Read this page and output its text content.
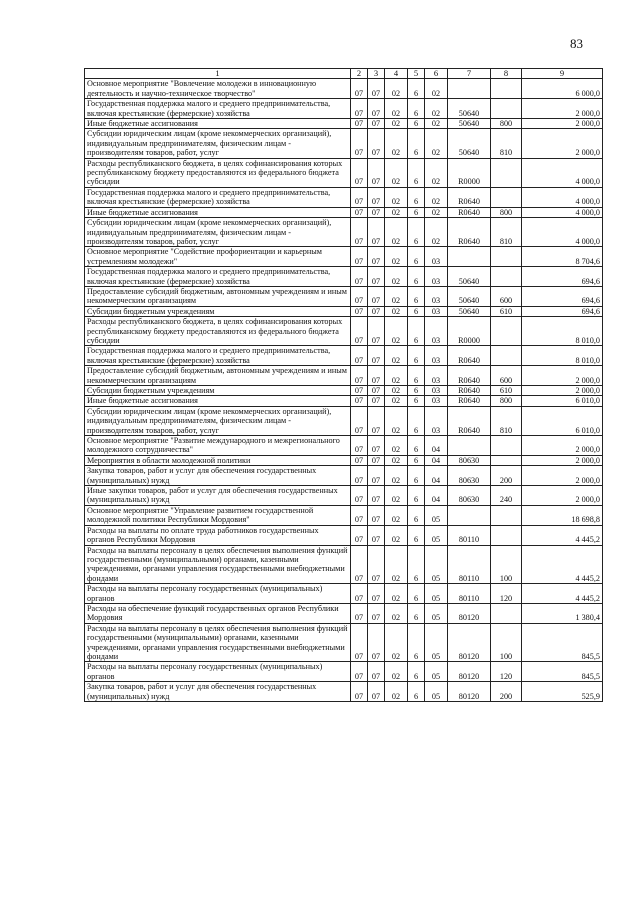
83
1	2	3	4	5	6	7	8	9
Основное мероприятие "Вовлечение молодежи в инновационную деятельность и научно-техническое творчество"	07	07	02	6	02			6 000,0
Государственная поддержка малого и среднего предпринимательства, включая крестьянские (фермерские) хозяйства	07	07	02	6	02	50640		2 000,0
Иные бюджетные ассигнования	07	07	02	6	02	50640	800	2 000,0
Субсидии юридическим лицам (кроме некоммерческих организаций), индивидуальным предпринимателям, физическим лицам - производителям товаров, работ, услуг	07	07	02	6	02	50640	810	2 000,0
Расходы республиканского бюджета, в целях софинансирования которых республиканскому бюджету предоставляются из федерального бюджета субсидии	07	07	02	6	02	R0000		4 000,0
Государственная поддержка малого и среднего предпринимательства, включая крестьянские (фермерские) хозяйства	07	07	02	6	02	R0640		4 000,0
Иные бюджетные ассигнования	07	07	02	6	02	R0640	800	4 000,0
Субсидии юридическим лицам (кроме некоммерческих организаций), индивидуальным предпринимателям, физическим лицам - производителям товаров, работ, услуг	07	07	02	6	02	R0640	810	4 000,0
Основное мероприятие "Содействие профориентации и карьерным устремлениям молодежи"	07	07	02	6	03			8 704,6
Государственная поддержка малого и среднего предпринимательства, включая крестьянские (фермерские) хозяйства	07	07	02	6	03	50640		694,6
Предоставление субсидий бюджетным, автономным учреждениям и иным некоммерческим организациям	07	07	02	6	03	50640	600	694,6
Субсидии бюджетным учреждениям	07	07	02	6	03	50640	610	694,6
Расходы республиканского бюджета, в целях софинансирования которых республиканскому бюджету предоставляются из федерального бюджета субсидии	07	07	02	6	03	R0000		8 010,0
Государственная поддержка малого и среднего предпринимательства, включая крестьянские (фермерские) хозяйства	07	07	02	6	03	R0640		8 010,0
Предоставление субсидий бюджетным, автономным учреждениям и иным некоммерческим организациям	07	07	02	6	03	R0640	600	2 000,0
Субсидии бюджетным учреждениям	07	07	02	6	03	R0640	610	2 000,0
Иные бюджетные ассигнования	07	07	02	6	03	R0640	800	6 010,0
Субсидии юридическим лицам (кроме некоммерческих организаций), индивидуальным предпринимателям, физическим лицам - производителям товаров, работ, услуг	07	07	02	6	03	R0640	810	6 010,0
Основное мероприятие "Развитие международного и межрегионального молодежного сотрудничества"	07	07	02	6	04			2 000,0
Мероприятия в области молодежной политики	07	07	02	6	04	80630		2 000,0
Закупка товаров, работ и услуг для обеспечения государственных (муниципальных) нужд	07	07	02	6	04	80630	200	2 000,0
Иные закупки товаров, работ и услуг для обеспечения государственных (муниципальных) нужд	07	07	02	6	04	80630	240	2 000,0
Основное мероприятие "Управление развитием государственной молодежной политики Республики Мордовия"	07	07	02	6	05			18 698,8
Расходы на выплаты по оплате труда работников государственных органов Республики Мордовия	07	07	02	6	05	80110		4 445,2
Расходы на выплаты персоналу в целях обеспечения выполнения функций государственными (муниципальными) органами, казенными учреждениями, органами управления государственными внебюджетными фондами	07	07	02	6	05	80110	100	4 445,2
Расходы на выплаты персоналу государственных (муниципальных) органов	07	07	02	6	05	80110	120	4 445,2
Расходы на обеспечение функций государственных органов Республики Мордовия	07	07	02	6	05	80120		1 380,4
Расходы на выплаты персоналу в целях обеспечения выполнения функций государственными (муниципальными) органами, казенными учреждениями, органами управления государственными внебюджетными фондами	07	07	02	6	05	80120	100	845,5
Расходы на выплаты персоналу государственных (муниципальных) органов	07	07	02	6	05	80120	120	845,5
Закупка товаров, работ и услуг для обеспечения государственных (муниципальных) нужд	07	07	02	6	05	80120	200	525,9
